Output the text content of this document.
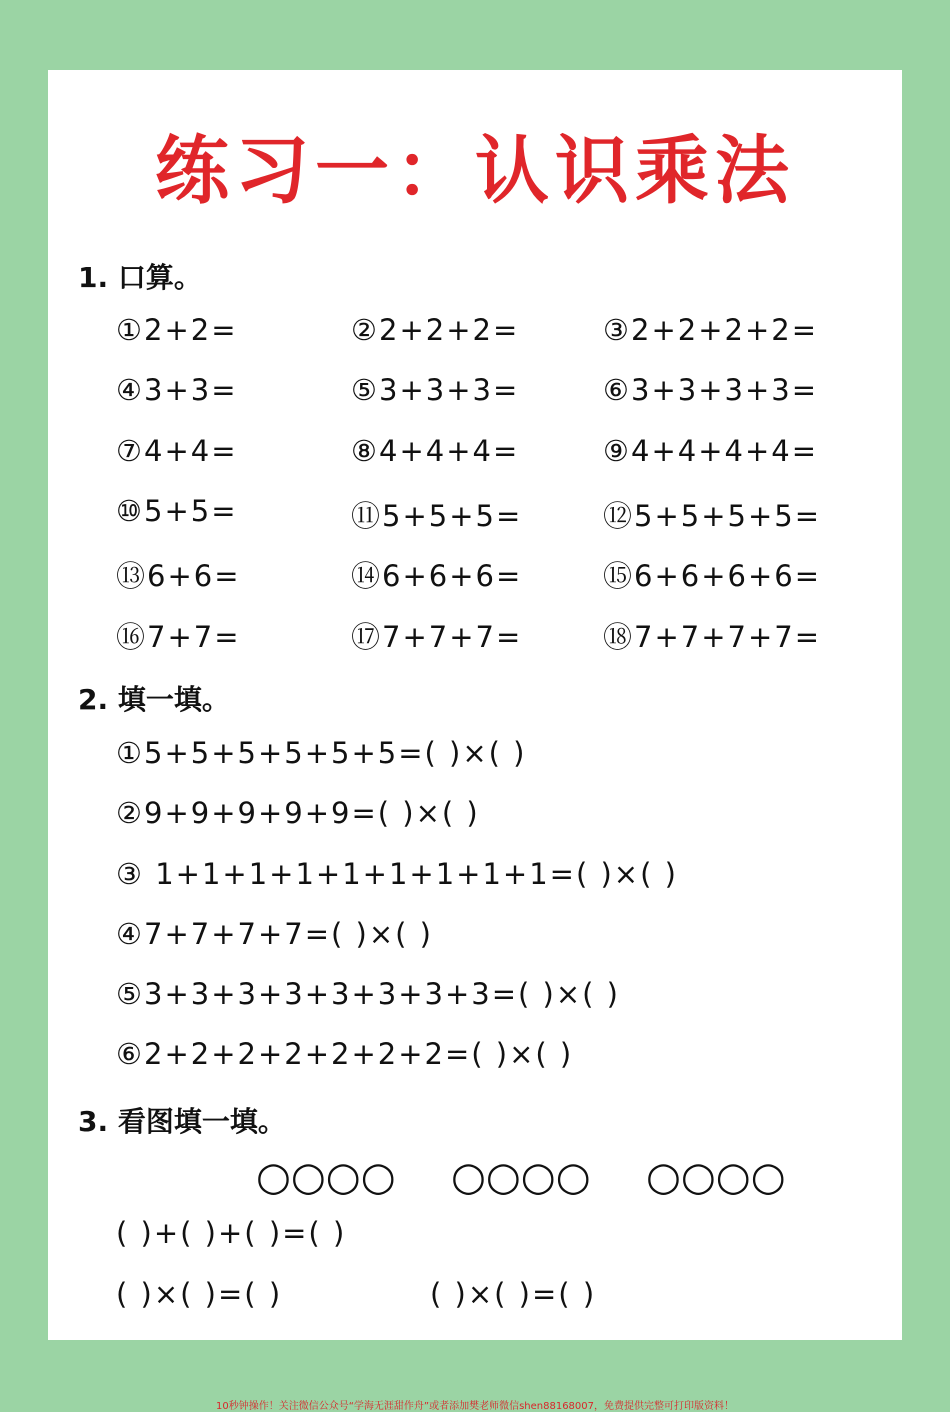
练习一：认识乘法
1. 口算。
①2+2=	②2+2+2=	③2+2+2+2=
④3+3=	⑤3+3+3=	⑥3+3+3+3=
⑦4+4=	⑧4+4+4=	⑨4+4+4+4=
⑩5+5=	⑪5+5+5=	⑫5+5+5+5=
⑬6+6=	⑭6+6+6=	⑮6+6+6+6=
⑯7+7=	⑰7+7+7=	⑱7+7+7+7=
2. 填一填。
①5+5+5+5+5+5=( )×( )
②9+9+9+9+9=( )×( )
③ 1+1+1+1+1+1+1+1+1=( )×( )
④7+7+7+7=( )×( )
⑤3+3+3+3+3+3+3+3=( )×( )
⑥2+2+2+2+2+2+2=( )×( )
3. 看图填一填。
○○○○ ○○○○ ○○○○
( )+( )+( )=( )
( )×( )=( )	( )×( )=( )
10秒钟操作！关注微信公众号“学海无涯甜作舟”或者添加樊老师微信shen88168007，免费提供完整可打印版资料！
